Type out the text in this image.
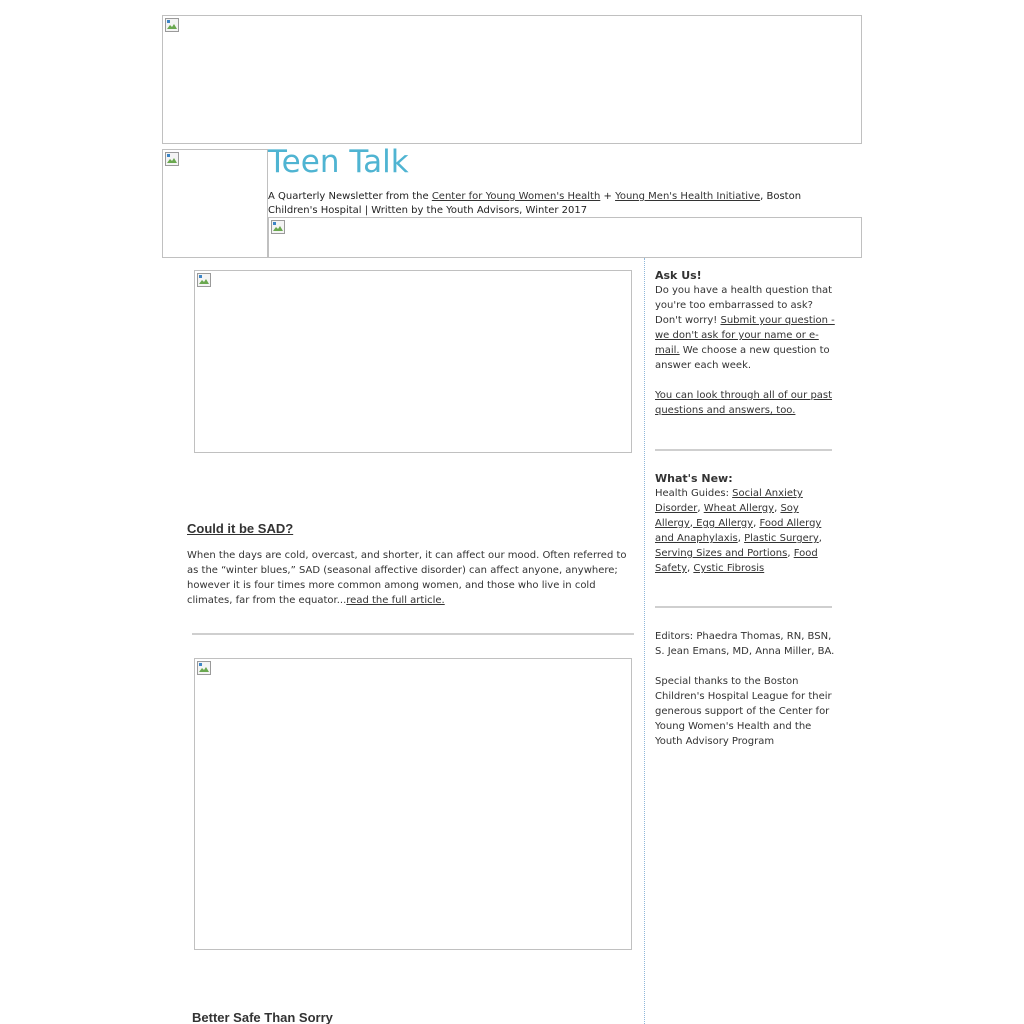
Teen Talk
A Quarterly Newsletter from the Center for Young Women's Health + Young Men's Health Initiative, Boston Children's Hospital | Written by the Youth Advisors, Winter 2017
Could it be SAD?
When the days are cold, overcast, and shorter, it can affect our mood. Often referred to as the “winter blues,” SAD (seasonal affective disorder) can affect anyone, anywhere; however it is four times more common among women, and those who live in cold climates, far from the equator...read the full article.
Better Safe Than Sorry
Ask Us!

Do you have a health question that you're too embarrassed to ask? Don't worry! Submit your question - we don't ask for your name or e-mail. We choose a new question to answer each week.

You can look through all of our past questions and answers, too.

What's New:

Health Guides: Social Anxiety Disorder, Wheat Allergy, Soy Allergy, Egg Allergy, Food Allergy and Anaphylaxis, Plastic Surgery, Serving Sizes and Portions, Food Safety, Cystic Fibrosis

Editors: Phaedra Thomas, RN, BSN, S. Jean Emans, MD, Anna Miller, BA.

Special thanks to the Boston Children's Hospital League for their generous support of the Center for Young Women's Health and the Youth Advisory Program
